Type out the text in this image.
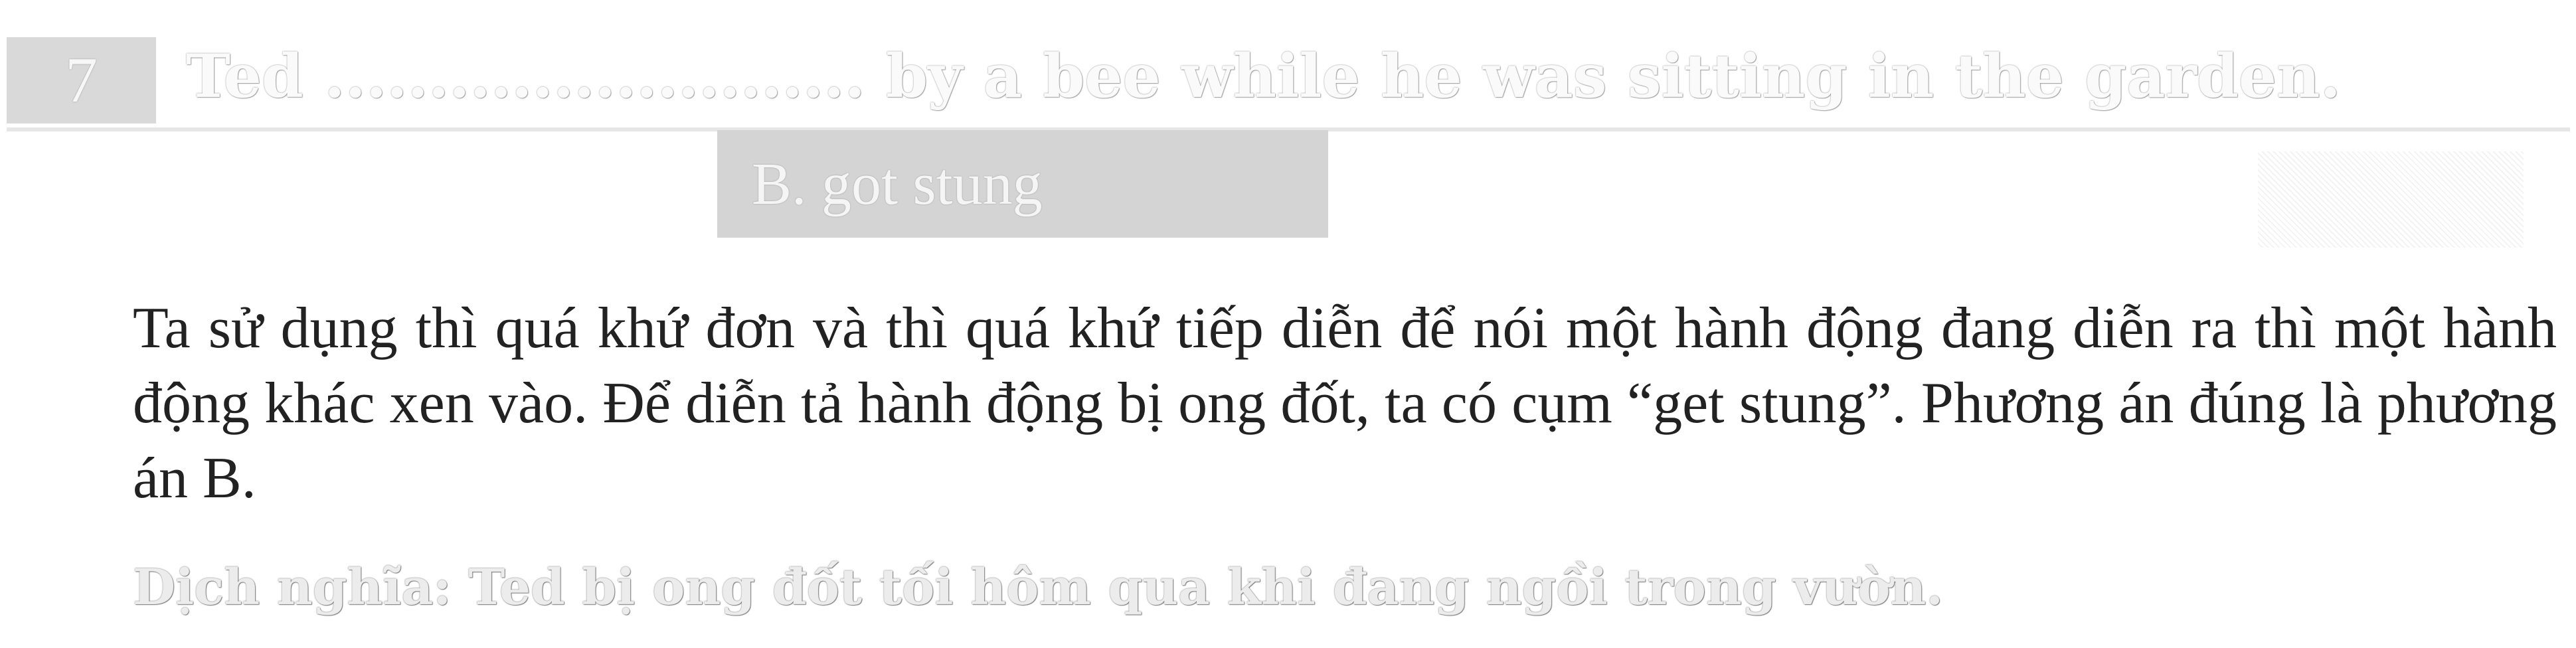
7 Ted .......................... by a bee while he was sitting in the garden.
B. got stung
Ta sử dụng thì quá khứ đơn và thì quá khứ tiếp diễn để nói một hành động đang diễn ra thì một hành động khác xen vào. Để diễn tả hành động bị ong đốt, ta có cụm “get stung”. Phương án đúng là phương án B.
Dịch nghĩa: Ted bị ong đốt tối hôm qua khi đang ngồi trong vườn.
